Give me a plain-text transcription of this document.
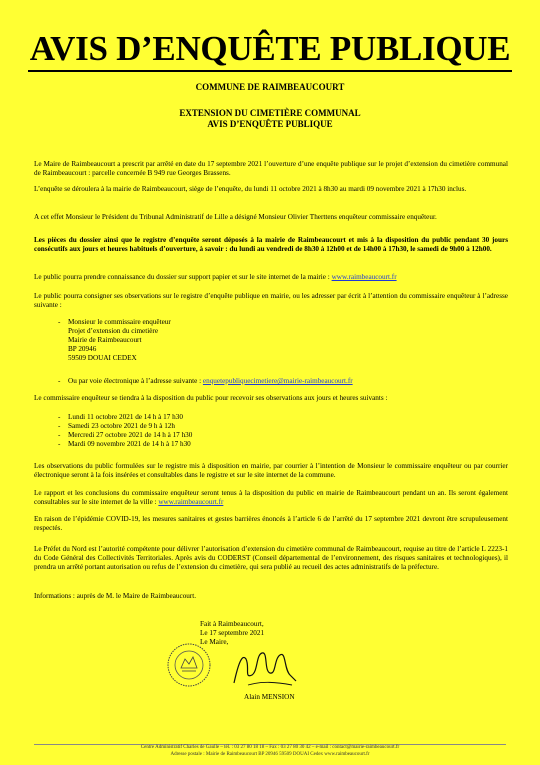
AVIS D’ENQUÊTE PUBLIQUE
COMMUNE DE RAIMBEAUCOURT
EXTENSION DU CIMETIÈRE COMMUNAL
AVIS D’ENQUÊTE PUBLIQUE
Le Maire de Raimbeaucourt a prescrit par arrêté en date du 17 septembre 2021 l’ouverture d’une enquête publique sur le projet d’extension du cimetière communal de Raimbeaucourt : parcelle concernée B 949 rue Georges Brassens.
L’enquête se déroulera à la mairie de Raimbeaucourt, siège de l’enquête, du lundi 11 octobre 2021 à 8h30 au mardi 09 novembre 2021 à 17h30 inclus.
A cet effet Monsieur le Président du Tribunal Administratif de Lille a désigné Monsieur Olivier Therttens enquêteur commissaire enquêteur.
Les pièces du dossier ainsi que le registre d’enquête seront déposés à la mairie de Raimbeaucourt et mis à la disposition du public pendant 30 jours consécutifs aux jours et heures habituels d’ouverture, à savoir : du lundi au vendredi de 8h30 à 12h00 et de 14h00 à 17h30, le samedi de 9h00 à 12h00.
Le public pourra prendre connaissance du dossier sur support papier et sur le site internet de la mairie : www.raimbeaucourt.fr
Le public pourra consigner ses observations sur le registre d’enquête publique en mairie, ou les adresser par écrit à l’attention du commissaire enquêteur à l’adresse suivante :
- Monsieur le commissaire enquêteur
Projet d’extension du cimetière
Mairie de Raimbeaucourt
BP 20946
59509 DOUAI CEDEX
- Ou par voie électronique à l’adresse suivante : enquetepubliquecimetiere@mairie-raimbeaucourt.fr
Le commissaire enquêteur se tiendra à la disposition du public pour recevoir ses observations aux jours et heures suivants :
- Lundi 11 octobre 2021 de 14 h à 17 h30
- Samedi 23 octobre 2021 de 9 h à 12h
- Mercredi 27 octobre 2021 de 14 h à 17 h30
- Mardi 09 novembre 2021 de 14 h à 17 h30
Les observations du public formulées sur le registre mis à disposition en mairie, par courrier à l’intention de Monsieur le commissaire enquêteur ou par courrier électronique seront à la fois insérées et consultables dans le registre et sur le site internet de la commune.
Le rapport et les conclusions du commissaire enquêteur seront tenus à la disposition du public en mairie de Raimbeaucourt pendant un an. Ils seront également consultables sur le site internet de la ville : www.raimbeaucourt.fr
En raison de l’épidémie COVID-19, les mesures sanitaires et gestes barrières énoncés à l’article 6 de l’arrêté du 17 septembre 2021 devront être scrupuleusement respectés.
Le Préfet du Nord est l’autorité compétente pour délivrer l’autorisation d’extension du cimetière communal de Raimbeaucourt, requise au titre de l’article L 2223-1 du Code Général des Collectivités Territoriales. Après avis du CODERST (Conseil départemental de l’environnement, des risques sanitaires et technologiques), il prendra un arrêté portant autorisation ou refus de l’extension du cimetière, qui sera publié au recueil des actes administratifs de la préfecture.
Informations : auprès de M. le Maire de Raimbeaucourt.
Fait à Raimbeaucourt,
Le 17 septembre 2021
Le Maire,
Alain MENSION
Centre Administratif Charles de Gaulle – tél. : 03 27 80 18 18 – Fax : 03 27 80 30 42 – e-mail : contact@mairie-raimbeaucourt.fr
Adresse postale : Mairie de Raimbeaucourt BP 20946 59509 DOUAI Cedex www.raimbeaucourt.fr
